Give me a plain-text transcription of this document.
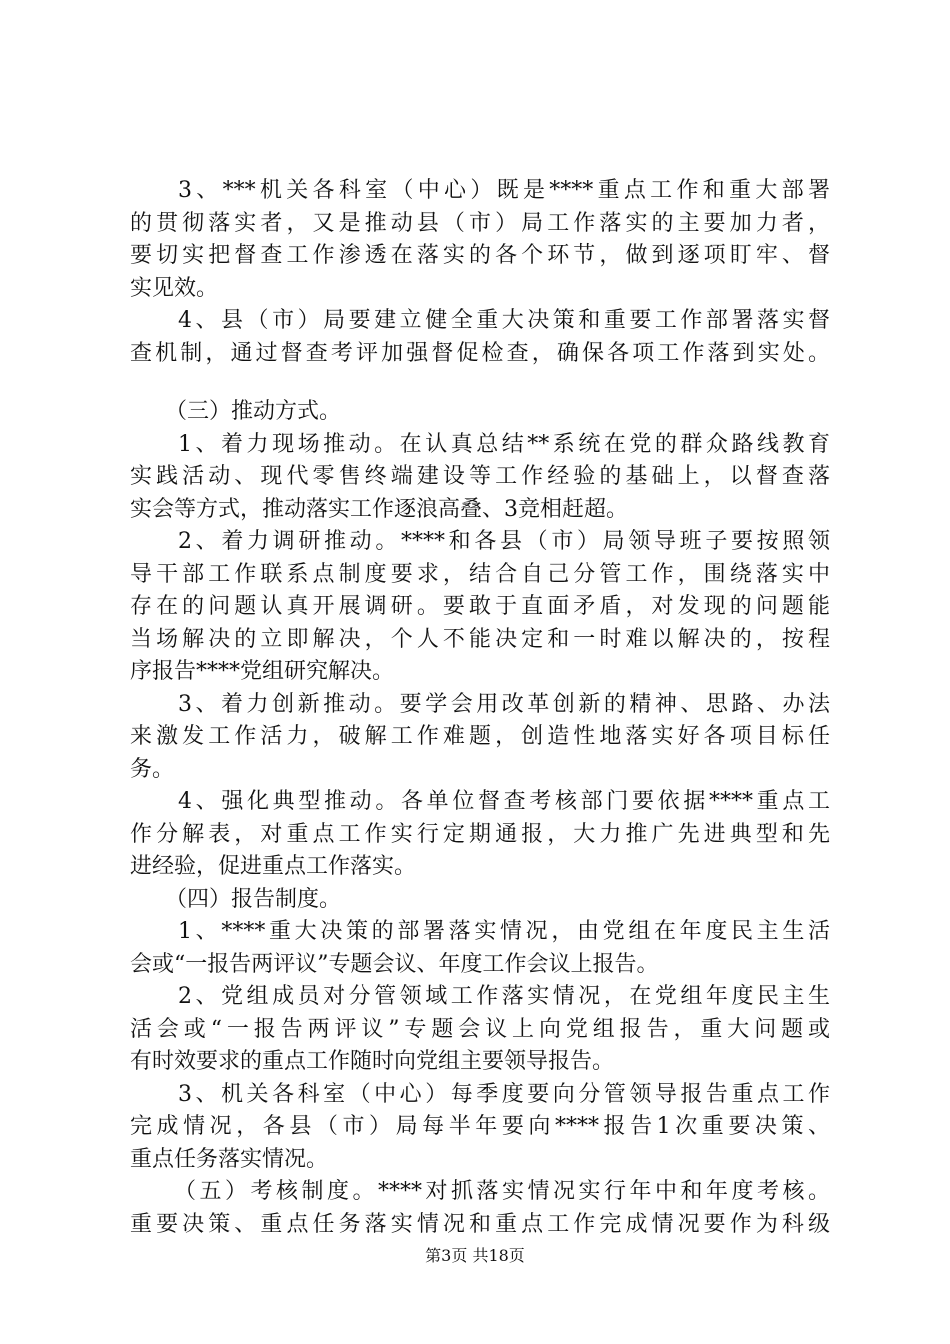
3、***机关各科室（中心）既是****重点工作和重大部署
的贯彻落实者，又是推动县（市）局工作落实的主要加力者，
要切实把督查工作渗透在落实的各个环节，做到逐项盯牢、督
实见效。
4、县（市）局要建立健全重大决策和重要工作部署落实督
查机制，通过督查考评加强督促检查，确保各项工作落到实处。
（三）推动方式。
1、着力现场推动。在认真总结**系统在党的群众路线教育
实践活动、现代零售终端建设等工作经验的基础上，以督查落
实会等方式，推动落实工作逐浪高叠、3竞相赶超。
2、着力调研推动。****和各县（市）局领导班子要按照领
导干部工作联系点制度要求，结合自己分管工作，围绕落实中
存在的问题认真开展调研。要敢于直面矛盾，对发现的问题能
当场解决的立即解决，个人不能决定和一时难以解决的，按程
序报告****党组研究解决。
3、着力创新推动。要学会用改革创新的精神、思路、办法
来激发工作活力，破解工作难题，创造性地落实好各项目标任
务。
4、强化典型推动。各单位督查考核部门要依据****重点工
作分解表，对重点工作实行定期通报，大力推广先进典型和先
进经验，促进重点工作落实。
（四）报告制度。
1、****重大决策的部署落实情况，由党组在年度民主生活
会或“一报告两评议”专题会议、年度工作会议上报告。
2、党组成员对分管领域工作落实情况，在党组年度民主生
活会或“一报告两评议”专题会议上向党组报告，重大问题或
有时效要求的重点工作随时向党组主要领导报告。
3、机关各科室（中心）每季度要向分管领导报告重点工作
完成情况，各县（市）局每半年要向****报告1次重要决策、
重点任务落实情况。
（五）考核制度。****对抓落实情况实行年中和年度考核。
重要决策、重点任务落实情况和重点工作完成情况要作为科级
第3页 共18页
